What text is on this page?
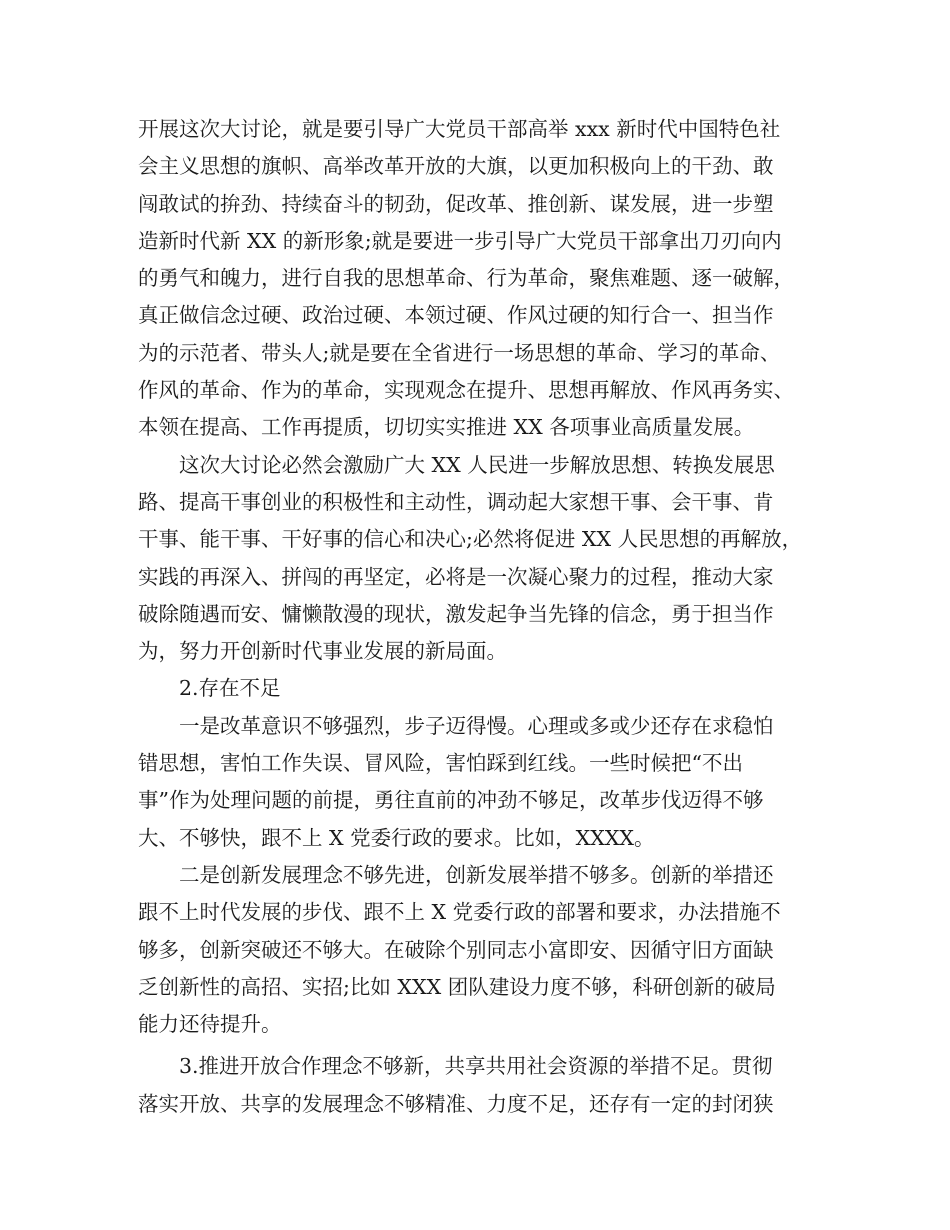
开展这次大讨论，就是要引导广大党员干部高举 xxx 新时代中国特色社
会主义思想的旗帜、高举改革开放的大旗，以更加积极向上的干劲、敢
闯敢试的拚劲、持续奋斗的韧劲，促改革、推创新、谋发展，进一步塑
造新时代新 XX 的新形象;就是要进一步引导广大党员干部拿出刀刃向内
的勇气和魄力，进行自我的思想革命、行为革命，聚焦难题、逐一破解，
真正做信念过硬、政治过硬、本领过硬、作风过硬的知行合一、担当作
为的示范者、带头人;就是要在全省进行一场思想的革命、学习的革命、
作风的革命、作为的革命，实现观念在提升、思想再解放、作风再务实、
本领在提高、工作再提质，切切实实推进 XX 各项事业高质量发展。
这次大讨论必然会激励广大 XX 人民进一步解放思想、转换发展思
路、提高干事创业的积极性和主动性，调动起大家想干事、会干事、肯
干事、能干事、干好事的信心和决心;必然将促进 XX 人民思想的再解放，
实践的再深入、拼闯的再坚定，必将是一次凝心聚力的过程，推动大家
破除随遇而安、慵懒散漫的现状，激发起争当先锋的信念，勇于担当作
为，努力开创新时代事业发展的新局面。
2.存在不足
一是改革意识不够强烈，步子迈得慢。心理或多或少还存在求稳怕
错思想，害怕工作失误、冒风险，害怕踩到红线。一些时候把“不出
事”作为处理问题的前提，勇往直前的冲劲不够足，改革步伐迈得不够
大、不够快，跟不上 X 党委行政的要求。比如，XXXX。
二是创新发展理念不够先进，创新发展举措不够多。创新的举措还
跟不上时代发展的步伐、跟不上 X 党委行政的部署和要求，办法措施不
够多，创新突破还不够大。在破除个别同志小富即安、因循守旧方面缺
乏创新性的高招、实招;比如 XXX 团队建设力度不够，科研创新的破局
能力还待提升。
3.推进开放合作理念不够新，共享共用社会资源的举措不足。贯彻
落实开放、共享的发展理念不够精准、力度不足，还存有一定的封闭狭
